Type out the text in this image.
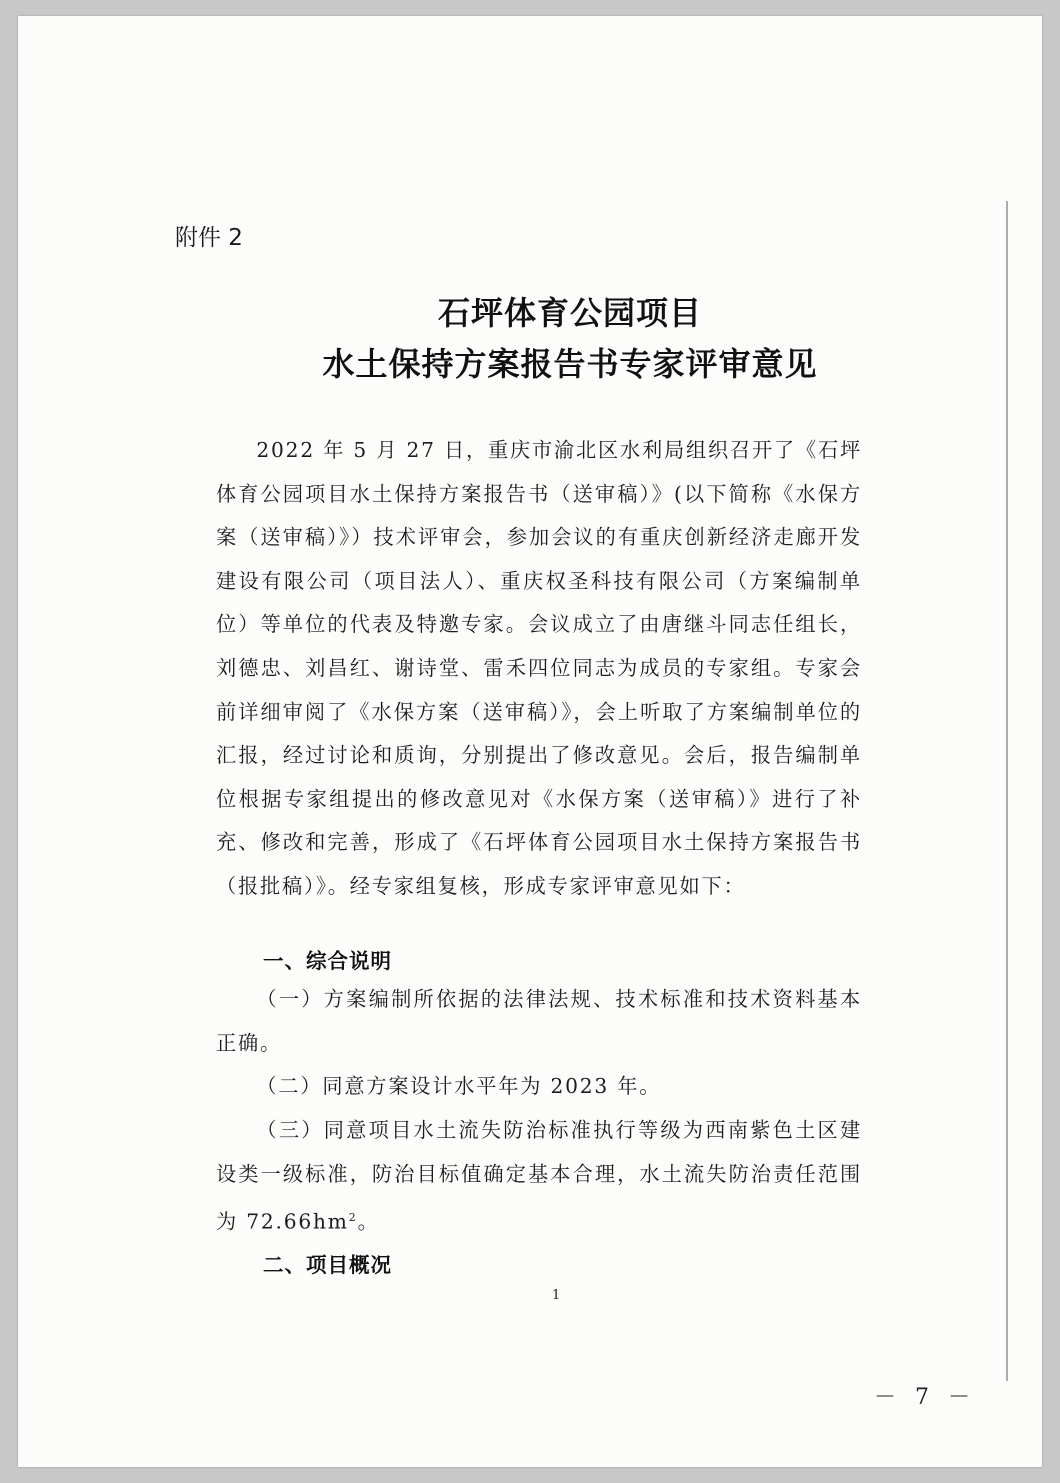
附件 2
石坪体育公园项目
水土保持方案报告书专家评审意见
2022 年 5 月 27 日，重庆市渝北区水利局组织召开了《石坪体育公园项目水土保持方案报告书（送审稿）》(以下简称《水保方案（送审稿）》）技术评审会，参加会议的有重庆创新经济走廊开发建设有限公司（项目法人）、重庆权圣科技有限公司（方案编制单位）等单位的代表及特邀专家。会议成立了由唐继斗同志任组长，刘德忠、刘昌红、谢诗堂、雷禾四位同志为成员的专家组。专家会前详细审阅了《水保方案（送审稿）》，会上听取了方案编制单位的汇报，经过讨论和质询，分别提出了修改意见。会后，报告编制单位根据专家组提出的修改意见对《水保方案（送审稿）》进行了补充、修改和完善，形成了《石坪体育公园项目水土保持方案报告书（报批稿）》。经专家组复核，形成专家评审意见如下：
一、综合说明
（一）方案编制所依据的法律法规、技术标准和技术资料基本正确。
（二）同意方案设计水平年为 2023 年。
（三）同意项目水土流失防治标准执行等级为西南紫色土区建设类一级标准，防治目标值确定基本合理，水土流失防治责任范围为 $72.66hm^2$。
二、项目概况
1
－ 7 －
